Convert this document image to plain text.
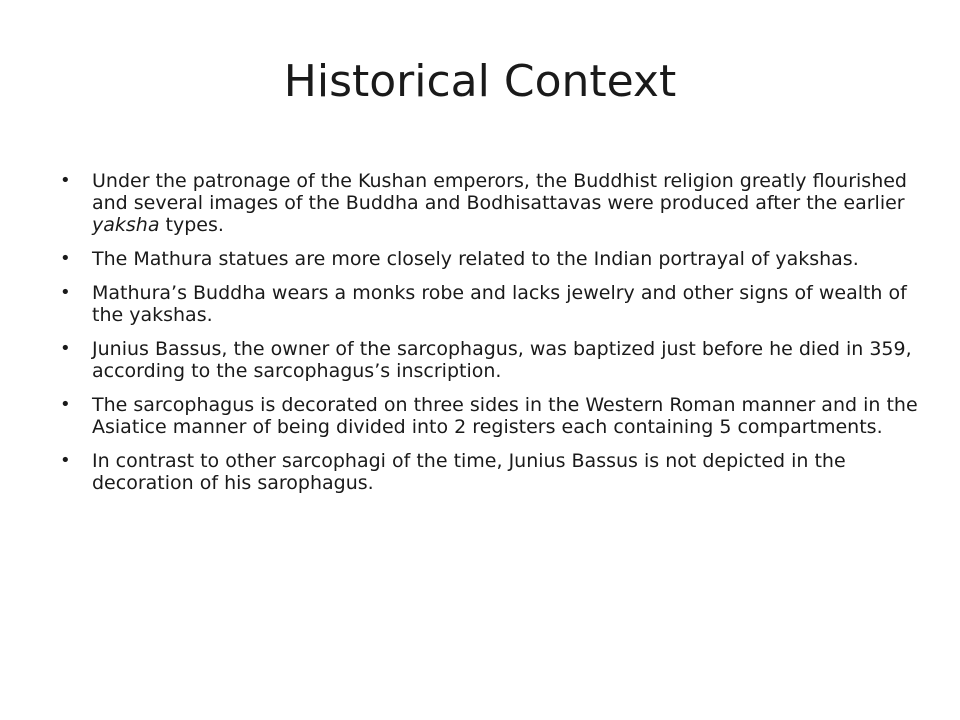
Historical Context
• Under the patronage of the Kushan emperors, the Buddhist religion greatly flourished and several images of the Buddha and Bodhisattavas were produced after the earlier yaksha types.
• The Mathura statues are more closely related to the Indian portrayal of yakshas.
• Mathura’s Buddha wears a monks robe and lacks jewelry and other signs of wealth of the yakshas.
• Junius Bassus, the owner of the sarcophagus, was baptized just before he died in 359, according to the sarcophagus’s inscription.
• The sarcophagus is decorated on three sides in the Western Roman manner and in the Asiatice manner of being divided into 2 registers each containing 5 compartments.
• In contrast to other sarcophagi of the time, Junius Bassus is not depicted in the decoration of his sarophagus.
